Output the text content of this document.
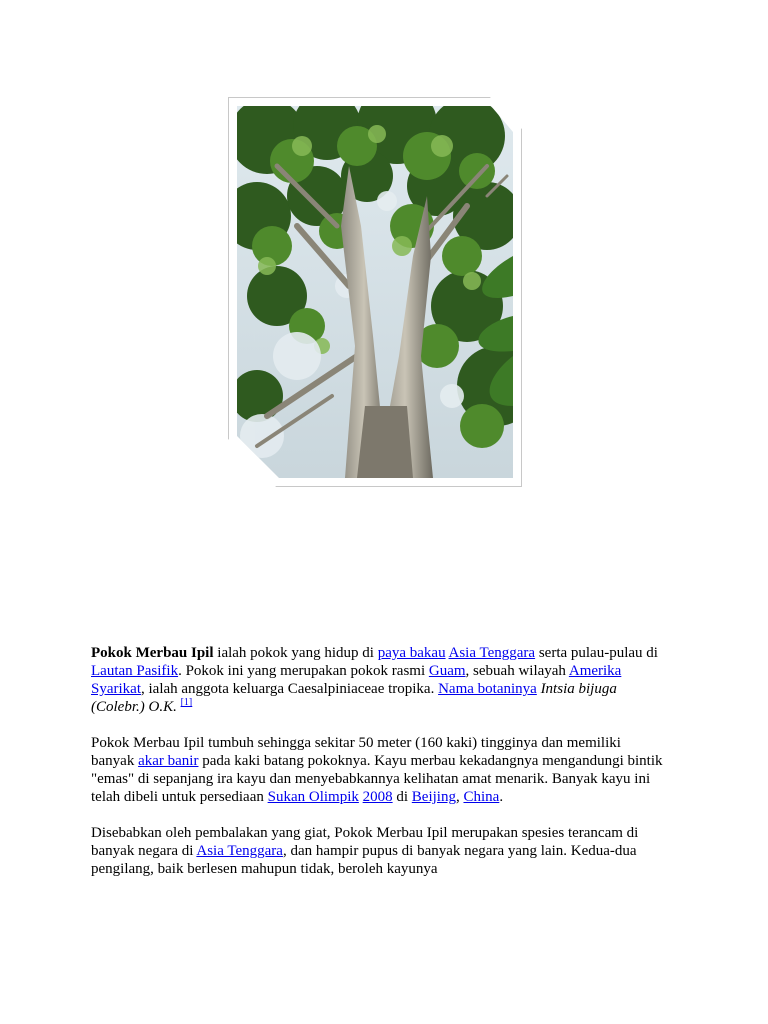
Pokok Merbau Ipil ialah pokok yang hidup di paya bakau Asia Tenggara serta pulau-pulau di Lautan Pasifik. Pokok ini yang merupakan pokok rasmi Guam, sebuah wilayah Amerika Syarikat, ialah anggota keluarga Caesalpiniaceae tropika. Nama botaninya Intsia bijuga (Colebr.) O.K. [1]

Pokok Merbau Ipil tumbuh sehingga sekitar 50 meter (160 kaki) tingginya dan memiliki banyak akar banir pada kaki batang pokoknya. Kayu merbau kekadangnya mengandungi bintik "emas" di sepanjang ira kayu dan menyebabkannya kelihatan amat menarik. Banyak kayu ini telah dibeli untuk persediaan Sukan Olimpik 2008 di Beijing, China.

Disebabkan oleh pembalakan yang giat, Pokok Merbau Ipil merupakan spesies terancam di banyak negara di Asia Tenggara, dan hampir pupus di banyak negara yang lain. Kedua-dua pengilang, baik berlesen mahupun tidak, beroleh kayunya
